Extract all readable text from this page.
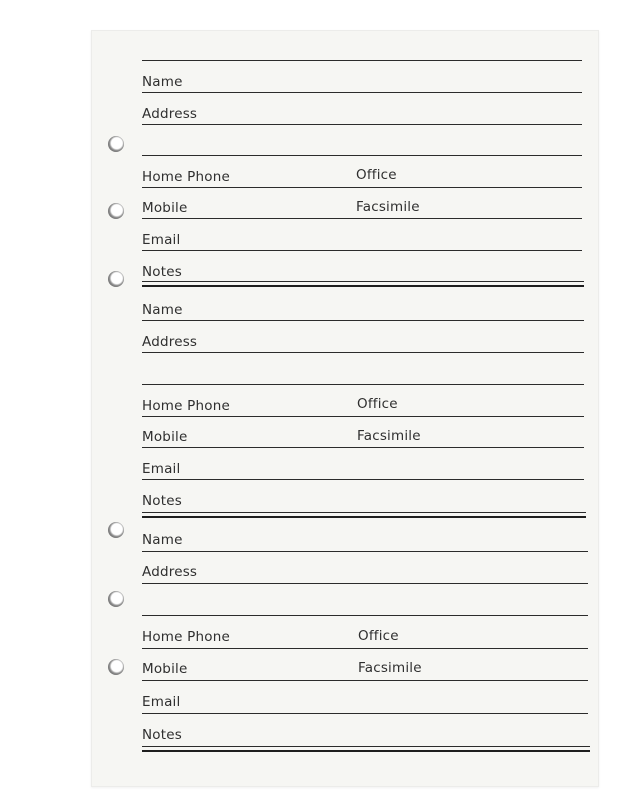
Name
Address
Home Phone	Office
Mobile	Facsimile
Email
Notes
Name
Address
Home Phone	Office
Mobile	Facsimile
Email
Notes
Name
Address
Home Phone	Office
Mobile	Facsimile
Email
Notes
